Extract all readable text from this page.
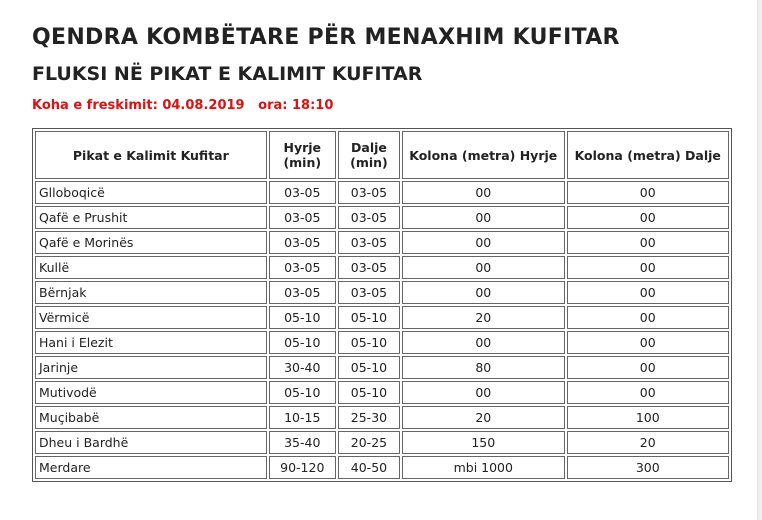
QENDRA KOMBËTARE PËR MENAXHIM KUFITAR
FLUKSI NË PIKAT E KALIMIT KUFITAR
Koha e freskimit: 04.08.2019 ora: 18:10
Pikat e Kalimit Kufitar	Hyrje (min)	Dalje (min)	Kolona (metra) Hyrje	Kolona (metra) Dalje
Glloboqicë	03-05	03-05	00	00
Qafë e Prushit	03-05	03-05	00	00
Qafë e Morinës	03-05	03-05	00	00
Kullë	03-05	03-05	00	00
Bërnjak	03-05	03-05	00	00
Vërmicë	05-10	05-10	20	00
Hani i Elezit	05-10	05-10	00	00
Jarinje	30-40	05-10	80	00
Mutivodë	05-10	05-10	00	00
Muçibabë	10-15	25-30	20	100
Dheu i Bardhë	35-40	20-25	150	20
Merdare	90-120	40-50	mbi 1000	300
